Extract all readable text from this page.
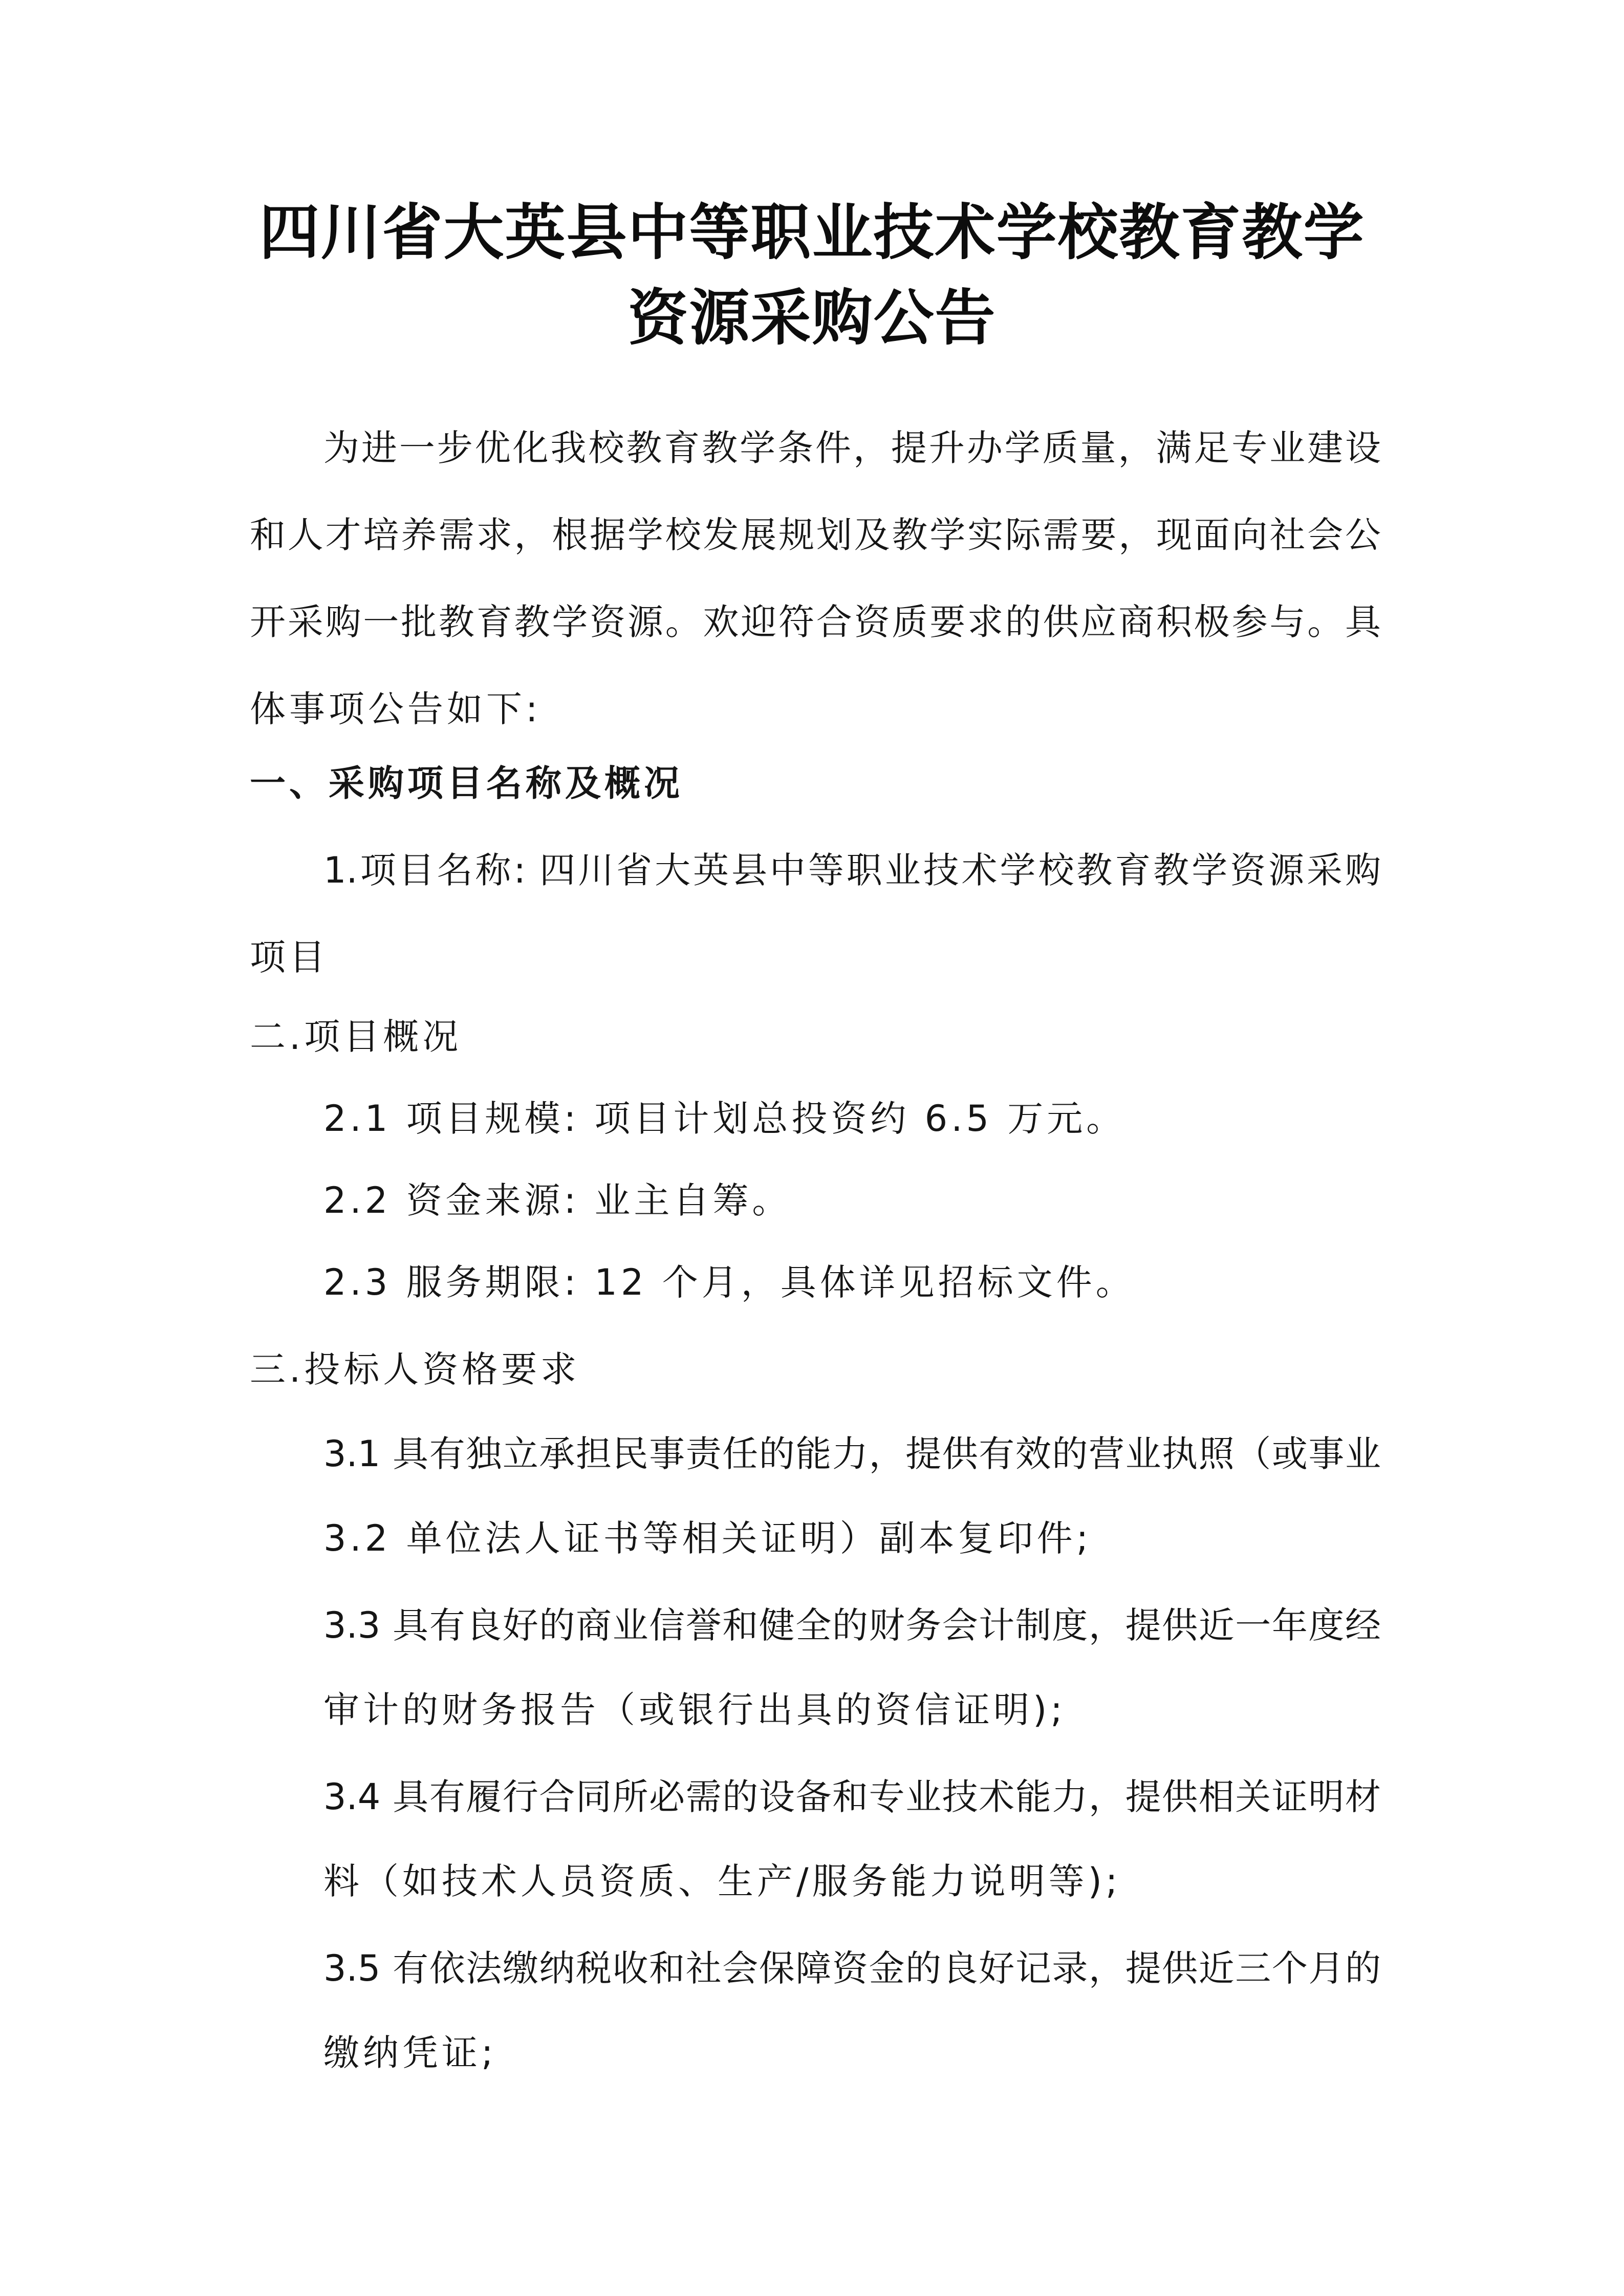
四川省大英县中等职业技术学校教育教学
资源采购公告
为进一步优化我校教育教学条件，提升办学质量，满足专业建设
和人才培养需求，根据学校发展规划及教学实际需要，现面向社会公
开采购一批教育教学资源。欢迎符合资质要求的供应商积极参与。具
体事项公告如下:
一、采购项目名称及概况
1.项目名称: 四川省大英县中等职业技术学校教育教学资源采购
项目
二.项目概况
2.1 项目规模: 项目计划总投资约 6.5 万元。
2.2 资金来源: 业主自筹。
2.3 服务期限: 12 个月，具体详见招标文件。
三.投标人资格要求
3.1 具有独立承担民事责任的能力，提供有效的营业执照（或事业
3.2 单位法人证书等相关证明）副本复印件;
3.3 具有良好的商业信誉和健全的财务会计制度，提供近一年度经
审计的财务报告（或银行出具的资信证明);
3.4 具有履行合同所必需的设备和专业技术能力，提供相关证明材
料（如技术人员资质、生产/服务能力说明等);
3.5 有依法缴纳税收和社会保障资金的良好记录，提供近三个月的
缴纳凭证;
